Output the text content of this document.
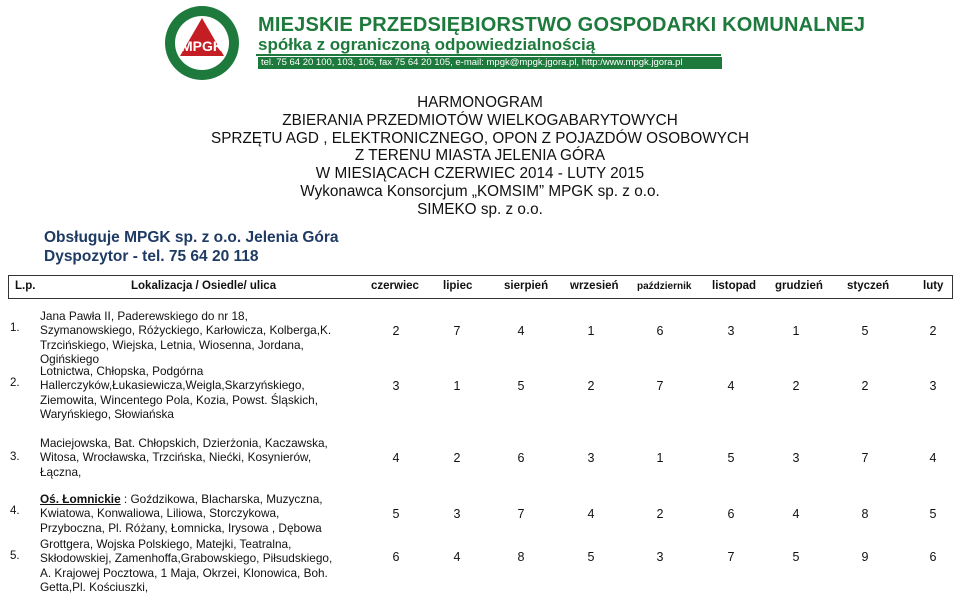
MPGK
MIEJSKIE PRZEDSIĘBIORSTWO GOSPODARKI KOMUNALNEJ
spółka z ograniczoną odpowiedzialnością
tel. 75 64 20 100, 103, 106, fax 75 64 20 105, e-mail: mpgk@mpgk.jgora.pl, http:/www.mpgk.jgora.pl
HARMONOGRAM
ZBIERANIA PRZEDMIOTÓW WIELKOGABARYTOWYCH
SPRZĘTU AGD , ELEKTRONICZNEGO, OPON Z POJAZDÓW OSOBOWYCH
Z TERENU MIASTA JELENIA GÓRA
W MIESIĄCACH CZERWIEC 2014 - LUTY 2015
Wykonawca Konsorcjum „KOMSIM” MPGK sp. z o.o.
SIMEKO sp. z o.o.
Obsługuje MPGK sp. z o.o. Jelenia Góra
Dyspozytor - tel. 75 64 20 118
L.p.	Lokalizacja / Osiedle/ ulica	czerwiec lipiec	sierpień wrzesień październik listopad grudzień styczeń	luty
1.
Jana Pawła II, Paderewskiego do nr 18,
Szymanowskiego, Różyckiego, Karłowicza, Kolberga,K.
Trzcińskiego, Wiejska, Letnia, Wiosenna, Jordana,
Ogińskiego
2	7	4	1	6	3	1	5	2
2.
Lotnictwa, Chłopska, Podgórna
Hallerczyków,Łukasiewicza,Weigla,Skarzyńskiego,
Ziemowita, Wincentego Pola, Kozia, Powst. Śląskich,
Waryńskiego, Słowiańska
3	1	5	2	7	4	2	2	3
3.
Maciejowska, Bat. Chłopskich, Dzierżonia, Kaczawska,
Witosa, Wrocławska, Trzcińska, Niećki, Kosynierów,
Łączna,
4	2	6	3	1	5	3	7	4
4.
Oś. Łomnickie : Goździkowa, Blacharska, Muzyczna,
Kwiatowa, Konwaliowa, Liliowa, Storczykowa,
Przyboczna, Pl. Różany, Łomnicka, Irysowa , Dębowa
5	3	7	4	2	6	4	8	5
5.
Grottgera, Wojska Polskiego, Matejki, Teatralna,
Skłodowskiej, Zamenhoffa,Grabowskiego, Piłsudskiego,
A. Krajowej Pocztowa, 1 Maja, Okrzei, Klonowica, Boh.
Getta,Pl. Kościuszki,
6	4	8	5	3	7	5	9	6
